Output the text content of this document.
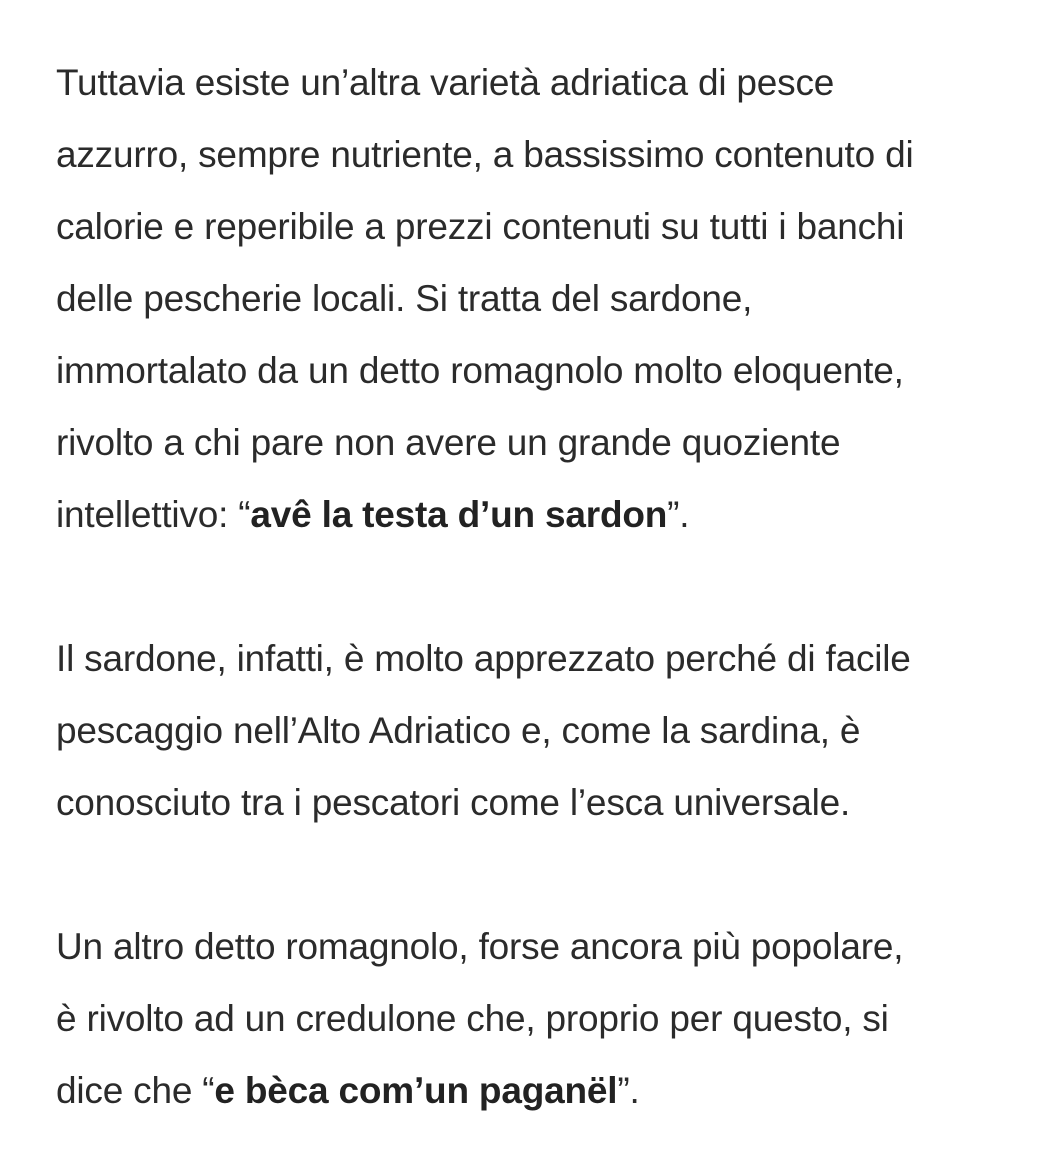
Tuttavia esiste un’altra varietà adriatica di pesce
azzurro, sempre nutriente, a bassissimo contenuto di
calorie e reperibile a prezzi contenuti su tutti i banchi
delle pescherie locali. Si tratta del sardone,
immortalato da un detto romagnolo molto eloquente,
rivolto a chi pare non avere un grande quoziente
intellettivo: “avê la testa d’un sardon”.

Il sardone, infatti, è molto apprezzato perché di facile
pescaggio nell’Alto Adriatico e, come la sardina, è
conosciuto tra i pescatori come l’esca universale.

Un altro detto romagnolo, forse ancora più popolare,
è rivolto ad un credulone che, proprio per questo, si
dice che “e bèca com’un paganël”.
